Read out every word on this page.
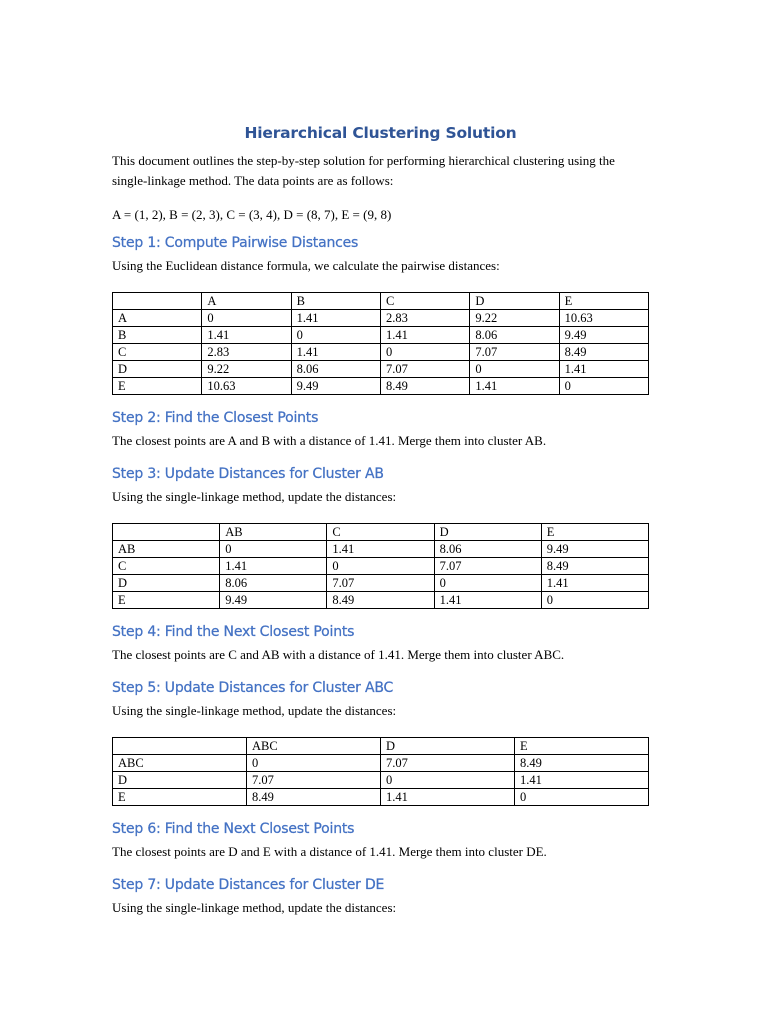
Hierarchical Clustering Solution

This document outlines the step-by-step solution for performing hierarchical clustering using the single-linkage method. The data points are as follows:

A = (1, 2), B = (2, 3), C = (3, 4), D = (8, 7), E = (9, 8)

Step 1: Compute Pairwise Distances

Using the Euclidean distance formula, we calculate the pairwise distances:

	A	B	C	D	E
A	0	1.41	2.83	9.22	10.63
B	1.41	0	1.41	8.06	9.49
C	2.83	1.41	0	7.07	8.49
D	9.22	8.06	7.07	0	1.41
E	10.63	9.49	8.49	1.41	0
Step 2: Find the Closest Points

The closest points are A and B with a distance of 1.41. Merge them into cluster AB.

Step 3: Update Distances for Cluster AB

Using the single-linkage method, update the distances:

	AB	C	D	E
AB	0	1.41	8.06	9.49
C	1.41	0	7.07	8.49
D	8.06	7.07	0	1.41
E	9.49	8.49	1.41	0
Step 4: Find the Next Closest Points

The closest points are C and AB with a distance of 1.41. Merge them into cluster ABC.

Step 5: Update Distances for Cluster ABC

Using the single-linkage method, update the distances:

	ABC	D	E
ABC	0	7.07	8.49
D	7.07	0	1.41
E	8.49	1.41	0
Step 6: Find the Next Closest Points

The closest points are D and E with a distance of 1.41. Merge them into cluster DE.

Step 7: Update Distances for Cluster DE

Using the single-linkage method, update the distances:
